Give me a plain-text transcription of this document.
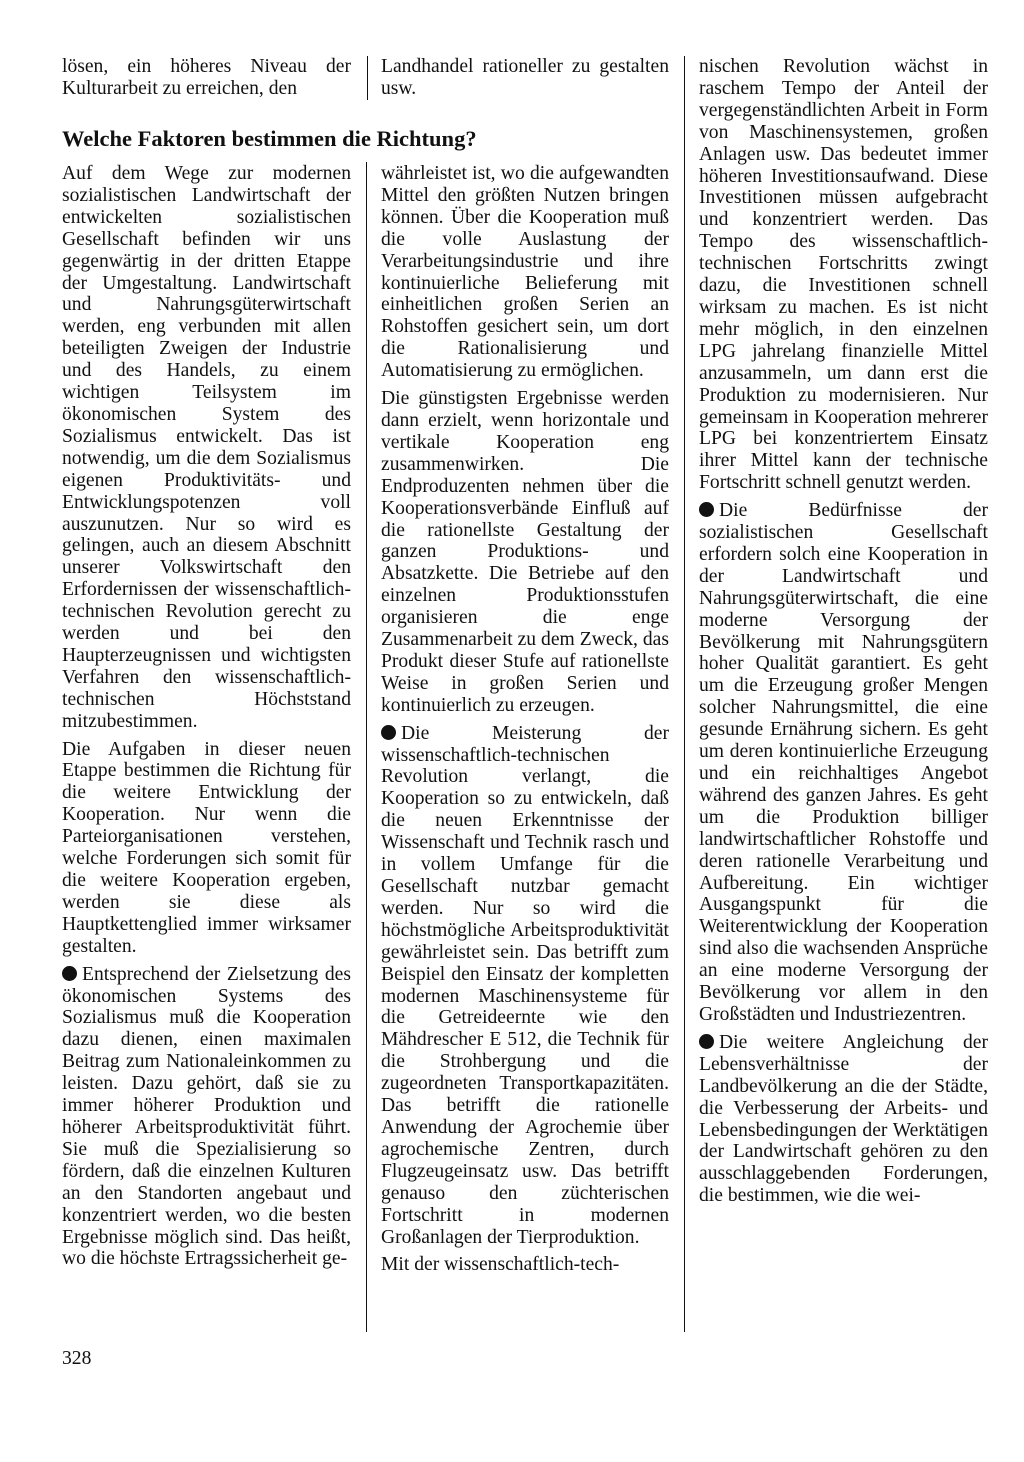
lösen, ein höheres Niveau der Kulturarbeit zu erreichen, den

Landhandel rationeller zu gestalten usw.

Welche Faktoren bestimmen die Richtung?

Auf dem Wege zur modernen sozialistischen Landwirtschaft der entwickelten sozialistischen Gesellschaft befinden wir uns gegenwärtig in der dritten Etappe der Umgestaltung. Landwirtschaft und Nahrungsgüterwirtschaft werden, eng verbunden mit allen beteiligten Zweigen der Industrie und des Handels, zu einem wichtigen Teilsystem im ökonomischen System des Sozialismus entwickelt. Das ist notwendig, um die dem Sozialismus eigenen Produktivitäts- und Entwicklungspotenzen voll auszunutzen. Nur so wird es gelingen, auch an diesem Abschnitt unserer Volkswirtschaft den Erfordernissen der wissenschaftlich-technischen Revolution gerecht zu werden und bei den Haupterzeugnissen und wichtigsten Verfahren den wissenschaftlich-technischen Höchststand mitzubestimmen.

Die Aufgaben in dieser neuen Etappe bestimmen die Richtung für die weitere Entwicklung der Kooperation. Nur wenn die Parteiorganisationen verstehen, welche Forderungen sich somit für die weitere Kooperation ergeben, werden sie diese als Hauptkettenglied immer wirksamer gestalten.

Entsprechend der Zielsetzung des ökonomischen Systems des Sozialismus muß die Kooperation dazu dienen, einen maximalen Beitrag zum Nationaleinkommen zu leisten. Dazu gehört, daß sie zu immer höherer Produktion und höherer Arbeitsproduktivität führt. Sie muß die Spezialisierung so fördern, daß die einzelnen Kulturen an den Standorten angebaut und konzentriert werden, wo die besten Ergebnisse möglich sind. Das heißt, wo die höchste Ertragssicherheit ge-

währleistet ist, wo die aufgewandten Mittel den größten Nutzen bringen können. Über die Kooperation muß die volle Auslastung der Verarbeitungsindustrie und ihre kontinuierliche Belieferung mit einheitlichen großen Serien an Rohstoffen gesichert sein, um dort die Rationalisierung und Automatisierung zu ermöglichen.

Die günstigsten Ergebnisse werden dann erzielt, wenn horizontale und vertikale Kooperation eng zusammenwirken. Die Endproduzenten nehmen über die Kooperationsverbände Einfluß auf die rationellste Gestaltung der ganzen Produktions- und Absatzkette. Die Betriebe auf den einzelnen Produktionsstufen organisieren die enge Zusammenarbeit zu dem Zweck, das Produkt dieser Stufe auf rationellste Weise in großen Serien und kontinuierlich zu erzeugen.

Die Meisterung der wissenschaftlich-technischen Revolution verlangt, die Kooperation so zu entwickeln, daß die neuen Erkenntnisse der Wissenschaft und Technik rasch und in vollem Umfange für die Gesellschaft nutzbar gemacht werden. Nur so wird die höchstmögliche Arbeitsproduktivität gewährleistet sein. Das betrifft zum Beispiel den Einsatz der kompletten modernen Maschinensysteme für die Getreideernte wie den Mähdrescher E 512, die Technik für die Strohbergung und die zugeordneten Transportkapazitäten. Das betrifft die rationelle Anwendung der Agrochemie über agrochemische Zentren, durch Flugzeugeinsatz usw. Das betrifft genauso den züchterischen Fortschritt in modernen Großanlagen der Tierproduktion.

Mit der wissenschaftlich-tech-

nischen Revolution wächst in raschem Tempo der Anteil der vergegenständlichten Arbeit in Form von Maschinensystemen, großen Anlagen usw. Das bedeutet immer höheren Investitionsaufwand. Diese Investitionen müssen aufgebracht und konzentriert werden. Das Tempo des wissenschaftlich-technischen Fortschritts zwingt dazu, die Investitionen schnell wirksam zu machen. Es ist nicht mehr möglich, in den einzelnen LPG jahrelang finanzielle Mittel anzusammeln, um dann erst die Produktion zu modernisieren. Nur gemeinsam in Kooperation mehrerer LPG bei konzentriertem Einsatz ihrer Mittel kann der technische Fortschritt schnell genutzt werden.

Die Bedürfnisse der sozialistischen Gesellschaft erfordern solch eine Kooperation in der Landwirtschaft und Nahrungsgüterwirtschaft, die eine moderne Versorgung der Bevölkerung mit Nahrungsgütern hoher Qualität garantiert. Es geht um die Erzeugung großer Mengen solcher Nahrungsmittel, die eine gesunde Ernährung sichern. Es geht um deren kontinuierliche Erzeugung und ein reichhaltiges Angebot während des ganzen Jahres. Es geht um die Produktion billiger landwirtschaftlicher Rohstoffe und deren rationelle Verarbeitung und Aufbereitung. Ein wichtiger Ausgangspunkt für die Weiterentwicklung der Kooperation sind also die wachsenden Ansprüche an eine moderne Versorgung der Bevölkerung vor allem in den Großstädten und Industriezentren.

Die weitere Angleichung der Lebensverhältnisse der Landbevölkerung an die der Städte, die Verbesserung der Arbeits- und Lebensbedingungen der Werktätigen der Landwirtschaft gehören zu den ausschlaggebenden Forderungen, die bestimmen, wie die wei-

328
